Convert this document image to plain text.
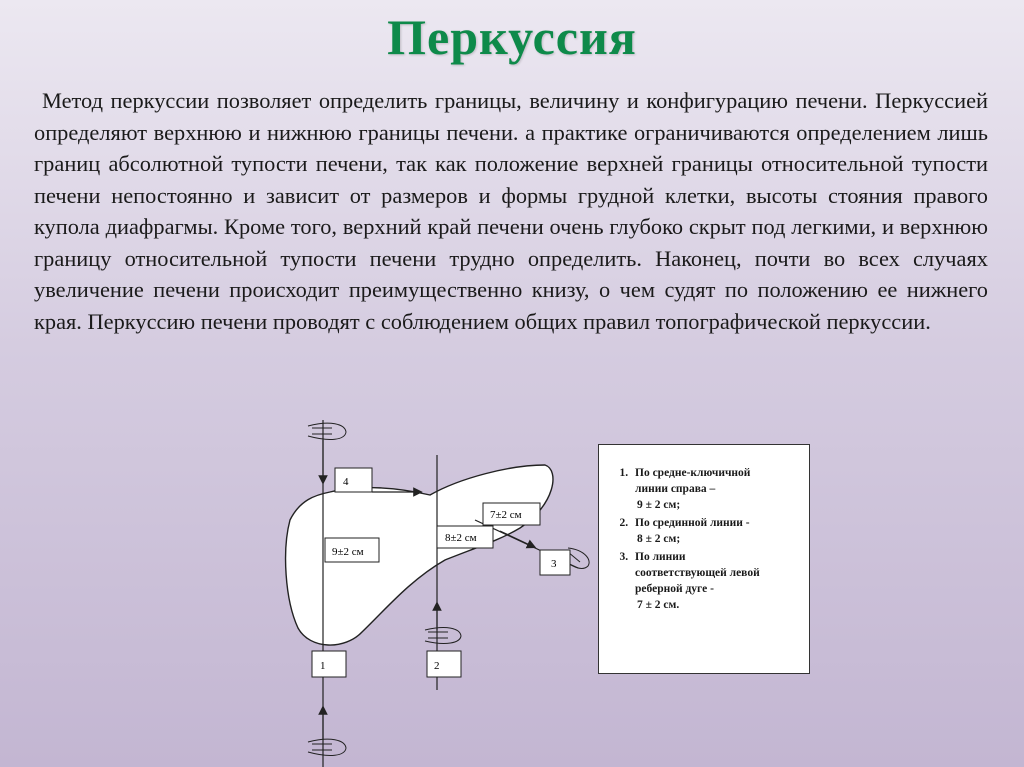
Перкуссия
Метод перкуссии позволяет определить границы, величину и конфигурацию печени. Перкуссией определяют верхнюю и нижнюю границы печени. а практике ограничиваются определением лишь границ абсолютной тупости печени, так как положение верхней границы относительной тупости печени непостоянно и зависит от размеров и формы грудной клетки, высоты стояния правого купола диафрагмы. Кроме того, верхний край печени очень глубоко скрыт под легкими, и верхнюю границу относительной тупости печени трудно определить. Наконец, почти во всех случаях увеличение печени происходит преимущественно книзу, о чем судят по положению ее нижнего края. Перкуссию печени проводят с соблюдением общих правил топографической перкуссии.
4
1	2
3
9±2 см
8±2 см
7±2 см
1. По средне-ключичной
линии справа –
9 ± 2 см;
2. По срединной линии -
8 ± 2 см;
3. По линии
соответствующей левой реберной дуге -
7 ± 2 см.
